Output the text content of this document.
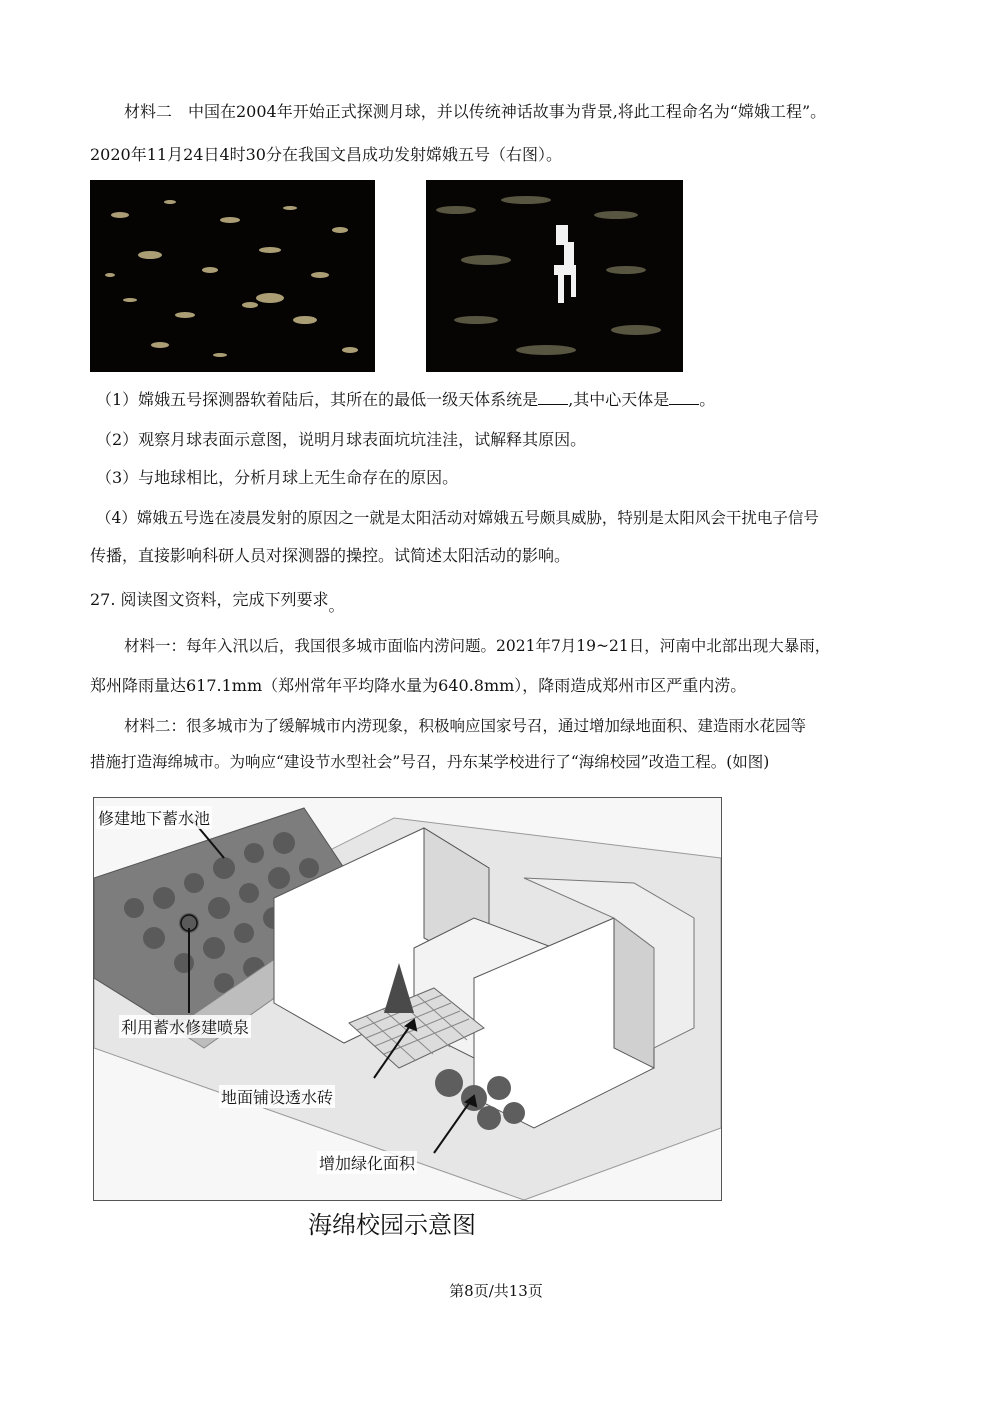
材料二　中国在2004年开始正式探测月球，并以传统神话故事为背景,将此工程命名为“嫦娥工程”。
2020年11月24日4时30分在我国文昌成功发射嫦娥五号（右图）。
（1）嫦娥五号探测器软着陆后，其所在的最低一级天体系统是 ,其中心天体是 。
（2）观察月球表面示意图，说明月球表面坑坑洼洼，试解释其原因。
（3）与地球相比，分析月球上无生命存在的原因。
（4）嫦娥五号选在凌晨发射的原因之一就是太阳活动对嫦娥五号颇具威胁，特别是太阳风会干扰电子信号
传播，直接影响科研人员对探测器的操控。试简述太阳活动的影响。
27. 阅读图文资料，完成下列要求。
材料一：每年入汛以后，我国很多城市面临内涝问题。2021年7月19~21日，河南中北部出现大暴雨，
郑州降雨量达617.1mm（郑州常年平均降水量为640.8mm），降雨造成郑州市区严重内涝。
材料二：很多城市为了缓解城市内涝现象，积极响应国家号召，通过增加绿地面积、建造雨水花园等
措施打造海绵城市。为响应“建设节水型社会”号召，丹东某学校进行了“海绵校园”改造工程。(如图)
修建地下蓄水池
利用蓄水修建喷泉
地面铺设透水砖
增加绿化面积
海绵校园示意图
第8页/共13页
